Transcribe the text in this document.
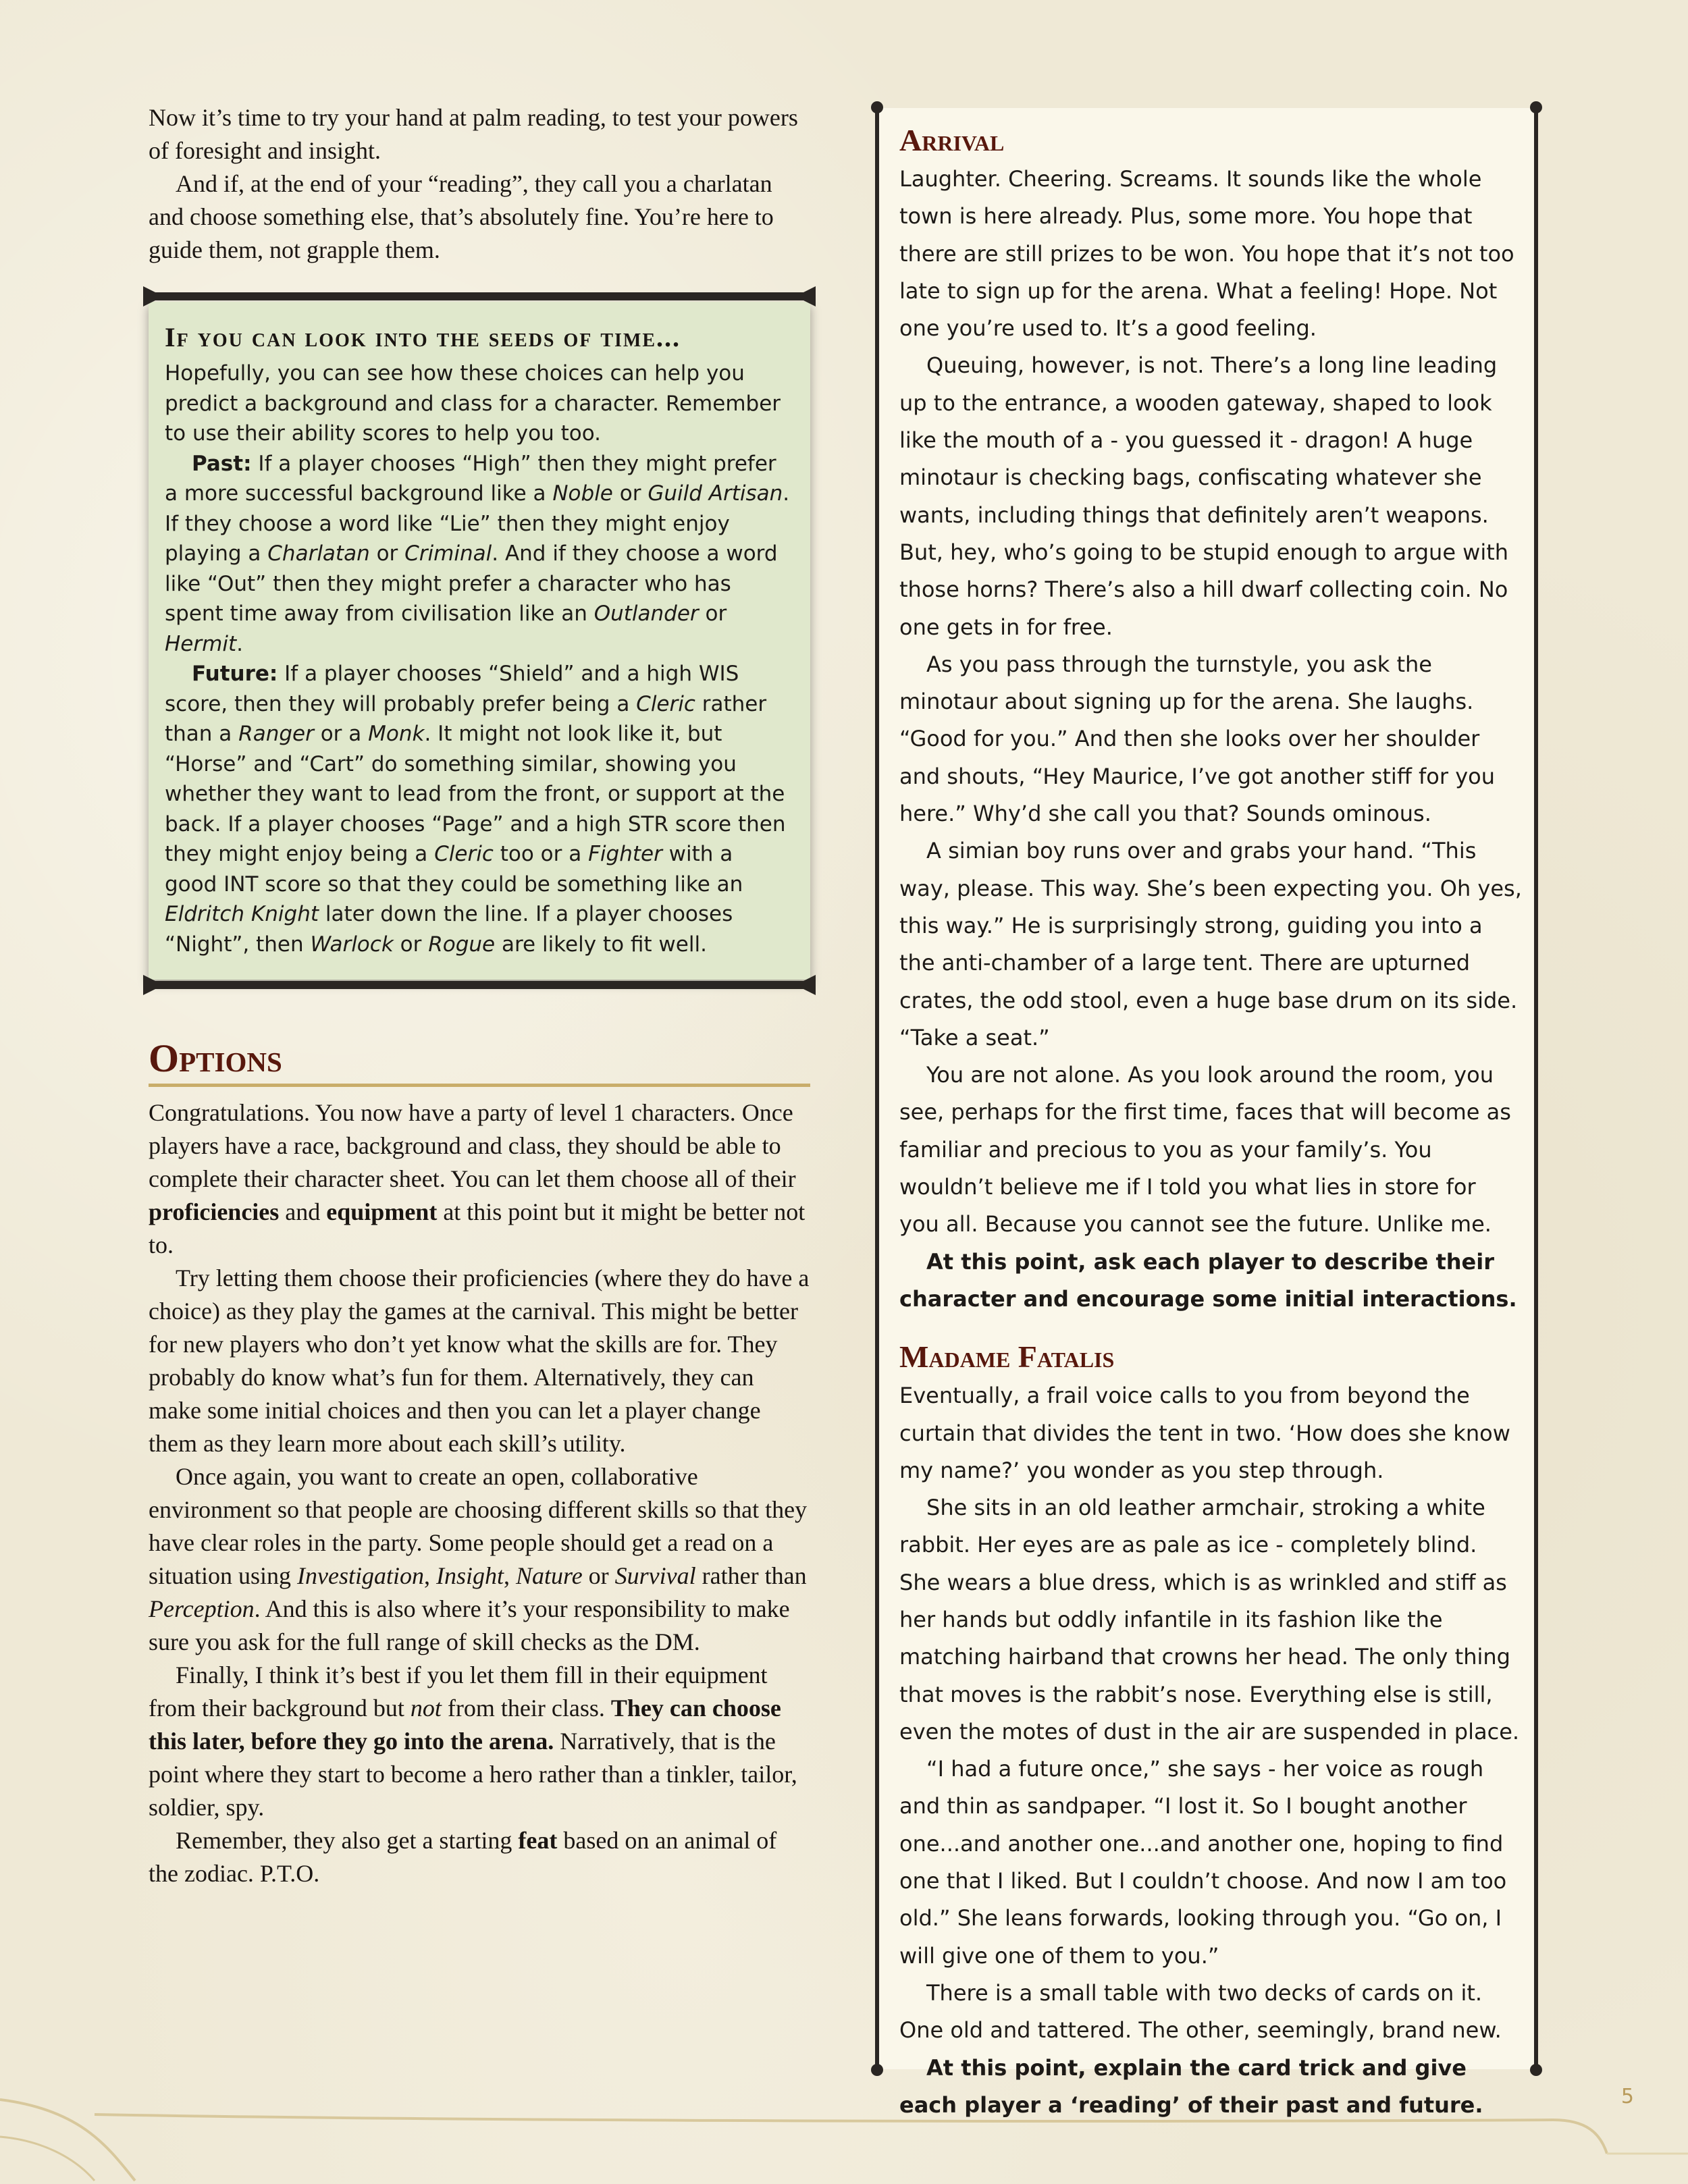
Now it’s time to try your hand at palm reading, to test your powers of foresight and insight.

And if, at the end of your “reading”, they call you a charlatan and choose something else, that’s absolutely fine. You’re here to guide them, not grapple them.

If you can look into the seeds of time...

Hopefully, you can see how these choices can help you predict a background and class for a character. Remember to use their ability scores to help you too.

Past: If a player chooses “High” then they might prefer a more successful background like a Noble or Guild Artisan. If they choose a word like “Lie” then they might enjoy playing a Charlatan or Criminal. And if they choose a word like “Out” then they might prefer a character who has spent time away from civilisation like an Outlander or Hermit.

Future: If a player chooses “Shield” and a high WIS score, then they will probably prefer being a Cleric rather than a Ranger or a Monk. It might not look like it, but “Horse” and “Cart” do something similar, showing you whether they want to lead from the front, or support at the back. If a player chooses “Page” and a high STR score then they might enjoy being a Cleric too or a Fighter with a good INT score so that they could be something like an Eldritch Knight later down the line. If a player chooses “Night”, then Warlock or Rogue are likely to fit well.

Options

Congratulations. You now have a party of level 1 characters. Once players have a race, background and class, they should be able to complete their character sheet. You can let them choose all of their proficiencies and equipment at this point but it might be better not to.

Try letting them choose their proficiencies (where they do have a choice) as they play the games at the carnival. This might be better for new players who don’t yet know what the skills are for. They probably do know what’s fun for them. Alternatively, they can make some initial choices and then you can let a player change them as they learn more about each skill’s utility.

Once again, you want to create an open, collaborative environment so that people are choosing different skills so that they have clear roles in the party. Some people should get a read on a situation using Investigation, Insight, Nature or Survival rather than Perception. And this is also where it’s your responsibility to make sure you ask for the full range of skill checks as the DM.

Finally, I think it’s best if you let them fill in their equipment from their background but not from their class. They can choose this later, before they go into the arena. Narratively, that is the point where they start to become a hero rather than a tinkler, tailor, soldier, spy.

Remember, they also get a starting feat based on an animal of the zodiac. P.T.O.

Arrival

Laughter. Cheering. Screams. It sounds like the whole town is here already. Plus, some more. You hope that there are still prizes to be won. You hope that it’s not too late to sign up for the arena. What a feeling! Hope. Not one you’re used to. It’s a good feeling.

Queuing, however, is not. There’s a long line leading up to the entrance, a wooden gateway, shaped to look like the mouth of a - you guessed it - dragon! A huge minotaur is checking bags, confiscating whatever she wants, including things that definitely aren’t weapons. But, hey, who’s going to be stupid enough to argue with those horns? There’s also a hill dwarf collecting coin. No one gets in for free.

As you pass through the turnstyle, you ask the minotaur about signing up for the arena. She laughs. “Good for you.” And then she looks over her shoulder and shouts, “Hey Maurice, I’ve got another stiff for you here.” Why’d she call you that? Sounds ominous.

A simian boy runs over and grabs your hand. “This way, please. This way. She’s been expecting you. Oh yes, this way.” He is surprisingly strong, guiding you into a the anti-chamber of a large tent. There are upturned crates, the odd stool, even a huge base drum on its side. “Take a seat.”

You are not alone. As you look around the room, you see, perhaps for the first time, faces that will become as familiar and precious to you as your family’s. You wouldn’t believe me if I told you what lies in store for you all. Because you cannot see the future. Unlike me.

At this point, ask each player to describe their character and encourage some initial interactions.

Madame Fatalis

Eventually, a frail voice calls to you from beyond the curtain that divides the tent in two. ‘How does she know my name?’ you wonder as you step through.

She sits in an old leather armchair, stroking a white rabbit. Her eyes are as pale as ice - completely blind. She wears a blue dress, which is as wrinkled and stiff as her hands but oddly infantile in its fashion like the matching hairband that crowns her head. The only thing that moves is the rabbit’s nose. Everything else is still, even the motes of dust in the air are suspended in place.

“I had a future once,” she says - her voice as rough and thin as sandpaper. “I lost it. So I bought another one...and another one...and another one, hoping to find one that I liked. But I couldn’t choose. And now I am too old.” She leans forwards, looking through you. “Go on, I will give one of them to you.”

There is a small table with two decks of cards on it. One old and tattered. The other, seemingly, brand new.

At this point, explain the card trick and give each player a ‘reading’ of their past and future.	5
